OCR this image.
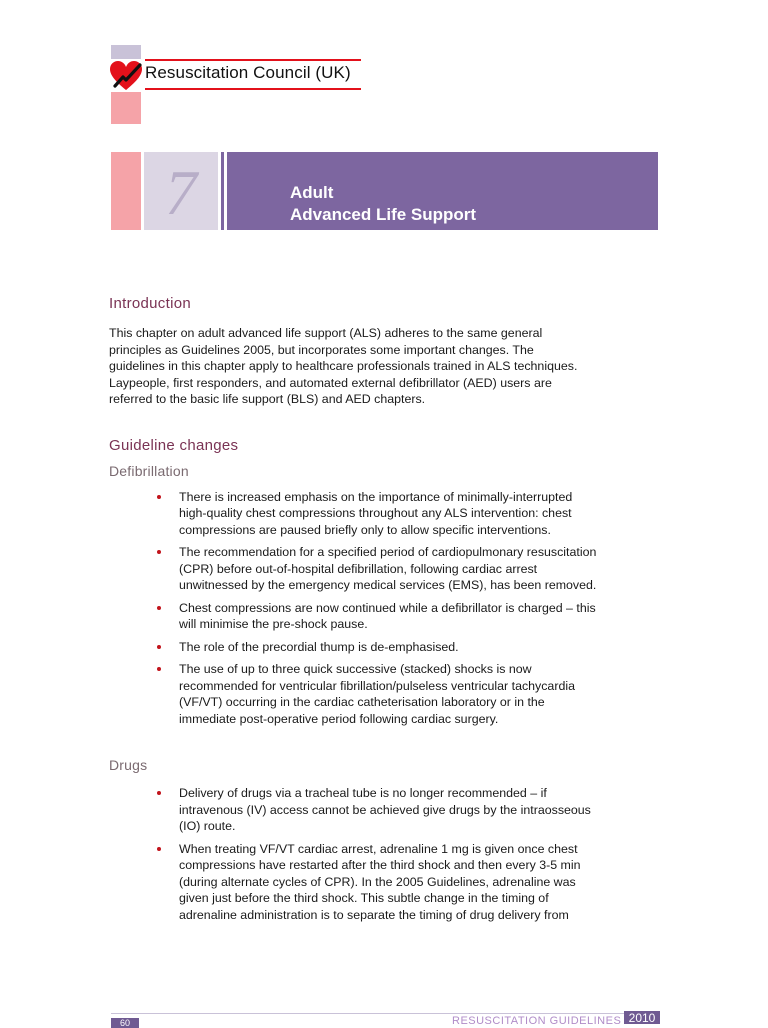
Resuscitation Council (UK)
7	Adult
Advanced Life Support
Introduction

This chapter on adult advanced life support (ALS) adheres to the same general
principles as Guidelines 2005, but incorporates some important changes. The
guidelines in this chapter apply to healthcare professionals trained in ALS techniques.
Laypeople, first responders, and automated external defibrillator (AED) users are
referred to the basic life support (BLS) and AED chapters.

Guideline changes
Defibrillation
There is increased emphasis on the importance of minimally-interrupted
high-quality chest compressions throughout any ALS intervention: chest
compressions are paused briefly only to allow specific interventions.
The recommendation for a specified period of cardiopulmonary resuscitation
(CPR) before out-of-hospital defibrillation, following cardiac arrest
unwitnessed by the emergency medical services (EMS), has been removed.
Chest compressions are now continued while a defibrillator is charged – this
will minimise the pre-shock pause.
The role of the precordial thump is de-emphasised.
The use of up to three quick successive (stacked) shocks is now
recommended for ventricular fibrillation/pulseless ventricular tachycardia
(VF/VT) occurring in the cardiac catheterisation laboratory or in the
immediate post-operative period following cardiac surgery.
Drugs
Delivery of drugs via a tracheal tube is no longer recommended – if
intravenous (IV) access cannot be achieved give drugs by the intraosseous
(IO) route.
When treating VF/VT cardiac arrest, adrenaline 1 mg is given once chest
compressions have restarted after the third shock and then every 3-5 min
(during alternate cycles of CPR). In the 2005 Guidelines, adrenaline was
given just before the third shock. This subtle change in the timing of
adrenaline administration is to separate the timing of drug delivery from
60	RESUSCITATION GUIDELINES 2010
